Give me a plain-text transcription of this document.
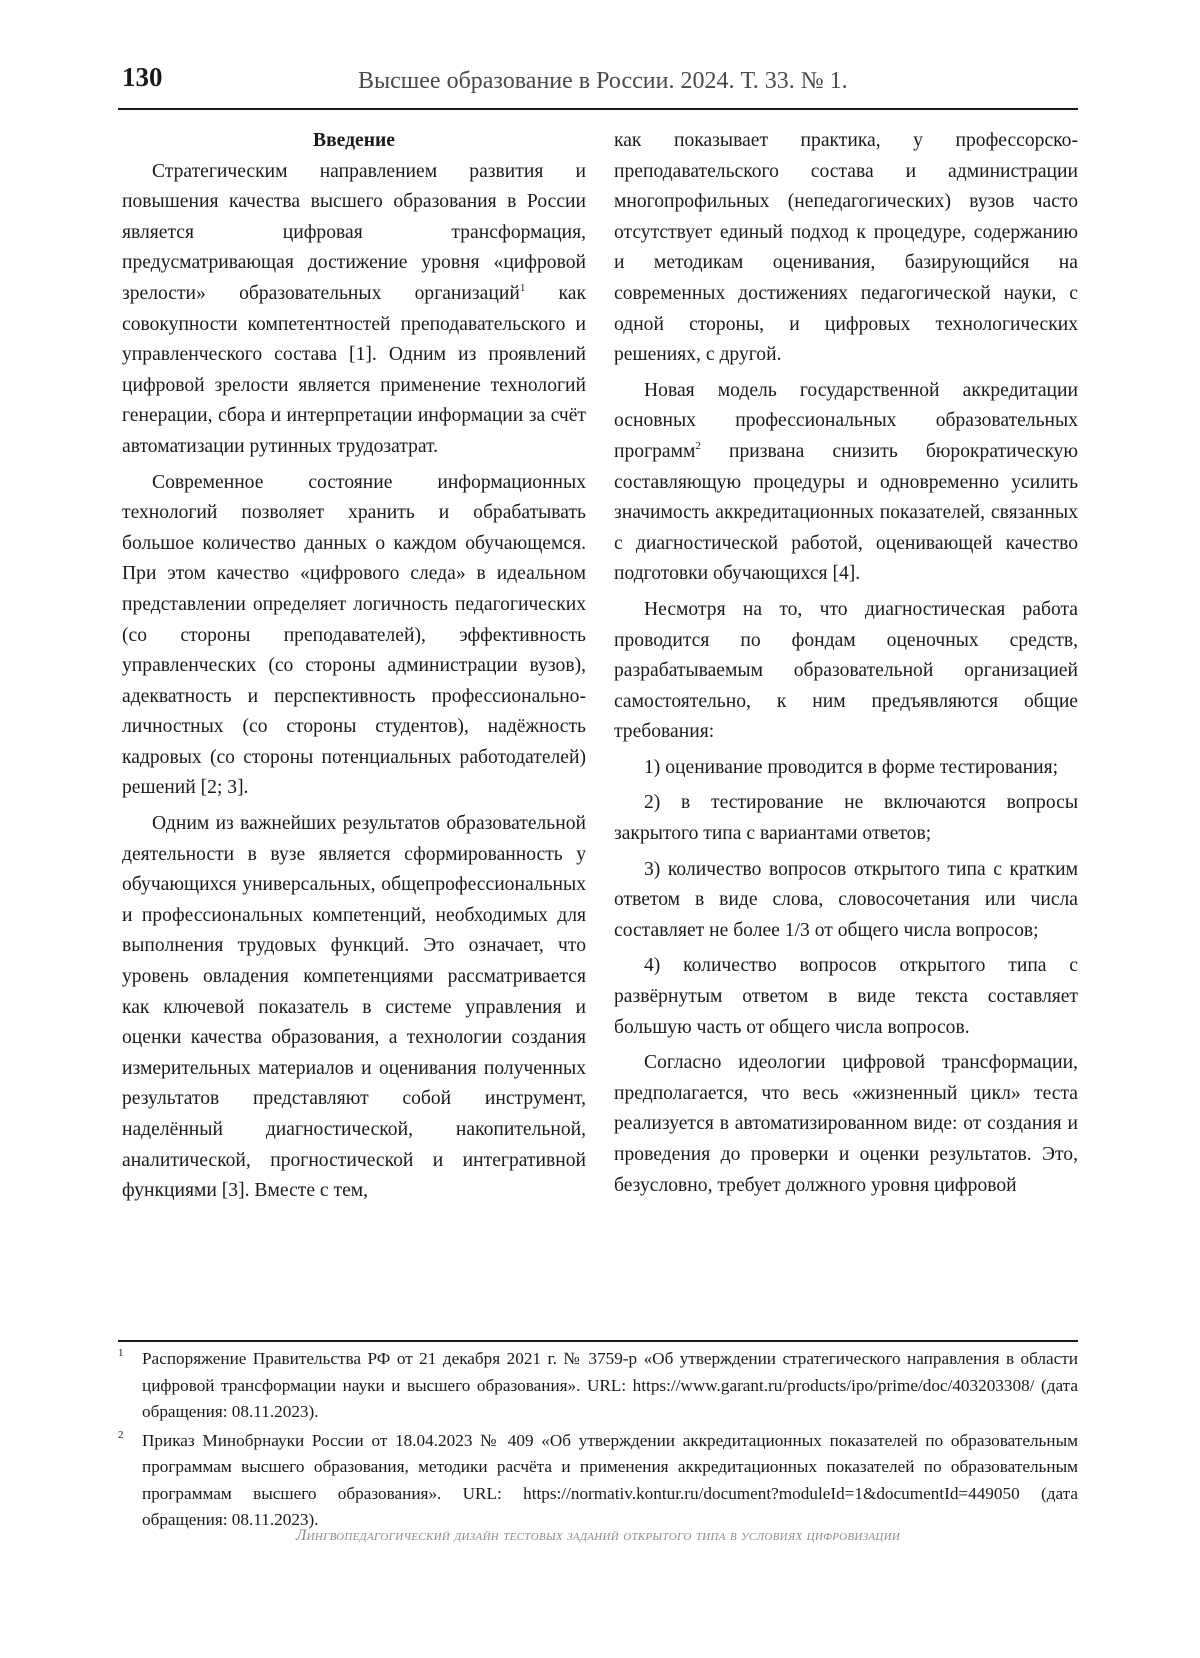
130	Высшее образование в России. 2024. Т. 33. № 1.
Введение

Стратегическим направлением развития и повышения качества высшего образования в России является цифровая трансформация, предусматривающая достижение уровня «цифровой зрелости» образовательных организаций$^1$ как совокупности компетентностей преподавательского и управленческого состава [1]. Одним из проявлений цифровой зрелости является применение технологий генерации, сбора и интерпретации информации за счёт автоматизации рутинных трудозатрат.

Современное состояние информационных технологий позволяет хранить и обрабатывать большое количество данных о каждом обучающемся. При этом качество «цифрового следа» в идеальном представлении определяет логичность педагогических (со стороны преподавателей), эффективность управленческих (со стороны администрации вузов), адекватность и перспективность профессионально-личностных (со стороны студентов), надёжность кадровых (со стороны потенциальных работодателей) решений [2; 3].

Одним из важнейших результатов образовательной деятельности в вузе является сформированность у обучающихся универсальных, общепрофессиональных и профессиональных компетенций, необходимых для выполнения трудовых функций. Это означает, что уровень овладения компетенциями рассматривается как ключевой показатель в системе управления и оценки качества образования, а технологии создания измерительных материалов и оценивания полученных результатов представляют собой инструмент, наделённый диагностической, накопительной, аналитической, прогностической и интегративной функциями [3]. Вместе с тем,

как показывает практика, у профессорско-преподавательского состава и администрации многопрофильных (непедагогических) вузов часто отсутствует единый подход к процедуре, содержанию и методикам оценивания, базирующийся на современных достижениях педагогической науки, с одной стороны, и цифровых технологических решениях, с другой.

Новая модель государственной аккредитации основных профессиональных образовательных программ$^2$ призвана снизить бюрократическую составляющую процедуры и одновременно усилить значимость аккредитационных показателей, связанных с диагностической работой, оценивающей качество подготовки обучающихся [4].

Несмотря на то, что диагностическая работа проводится по фондам оценочных средств, разрабатываемым образовательной организацией самостоятельно, к ним предъявляются общие требования:

1) оценивание проводится в форме тестирования;

2) в тестирование не включаются вопросы закрытого типа с вариантами ответов;

3) количество вопросов открытого типа с кратким ответом в виде слова, словосочетания или числа составляет не более 1/3 от общего числа вопросов;

4) количество вопросов открытого типа с развёрнутым ответом в виде текста составляет большую часть от общего числа вопросов.

Согласно идеологии цифровой трансформации, предполагается, что весь «жизненный цикл» теста реализуется в автоматизированном виде: от создания и проведения до проверки и оценки результатов. Это, безусловно, требует должного уровня цифровой

1 Распоряжение Правительства РФ от 21 декабря 2021 г. № 3759-р «Об утверждении стратегического направления в области цифровой трансформации науки и высшего образования». URL: https://www.garant.ru/products/ipo/prime/doc/403203308/ (дата обращения: 08.11.2023).
2 Приказ Минобрнауки России от 18.04.2023 № 409 «Об утверждении аккредитационных показателей по образовательным программам высшего образования, методики расчёта и применения аккредитационных показателей по образовательным программам высшего образования». URL: https://normativ.kontur.ru/document?moduleId=1&documentId=449050 (дата обращения: 08.11.2023).
Лингвопедагогический дизайн тестовых заданий открытого типа в условиях цифровизации
